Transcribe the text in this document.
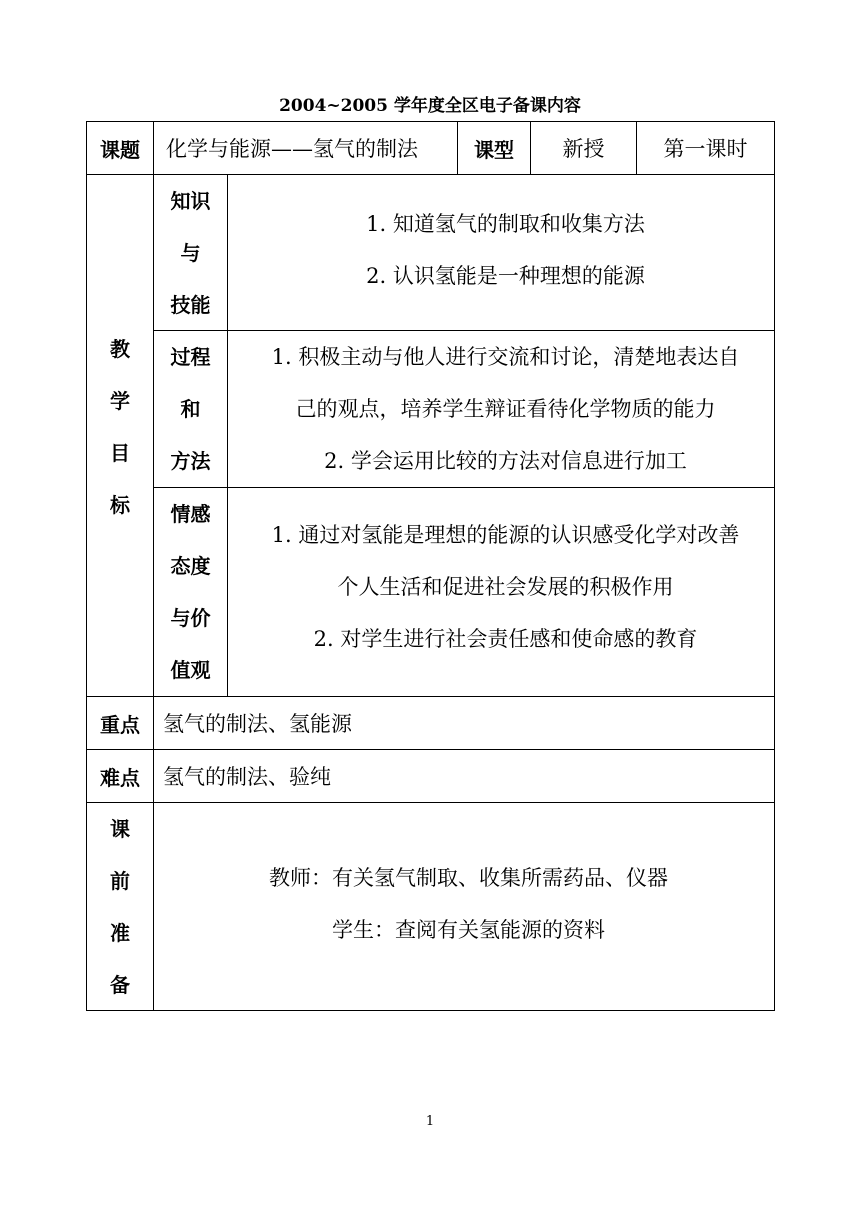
2004~2005 学年度全区电子备课内容
课题 化学与能源——氢气的制法	课型 新授	第一课时
教
学
目
标
知识
与
技能
1. 知道氢气的制取和收集方法
2. 认识氢能是一种理想的能源
过程
和
方法
1. 积极主动与他人进行交流和讨论，清楚地表达自
己的观点，培养学生辩证看待化学物质的能力
2. 学会运用比较的方法对信息进行加工
情感
态度
与价
值观
1. 通过对氢能是理想的能源的认识感受化学对改善
个人生活和促进社会发展的积极作用
2. 对学生进行社会责任感和使命感的教育
重点 氢气的制法、氢能源
难点 氢气的制法、验纯
课
前
准
备
教师：有关氢气制取、收集所需药品、仪器
学生：查阅有关氢能源的资料
1
